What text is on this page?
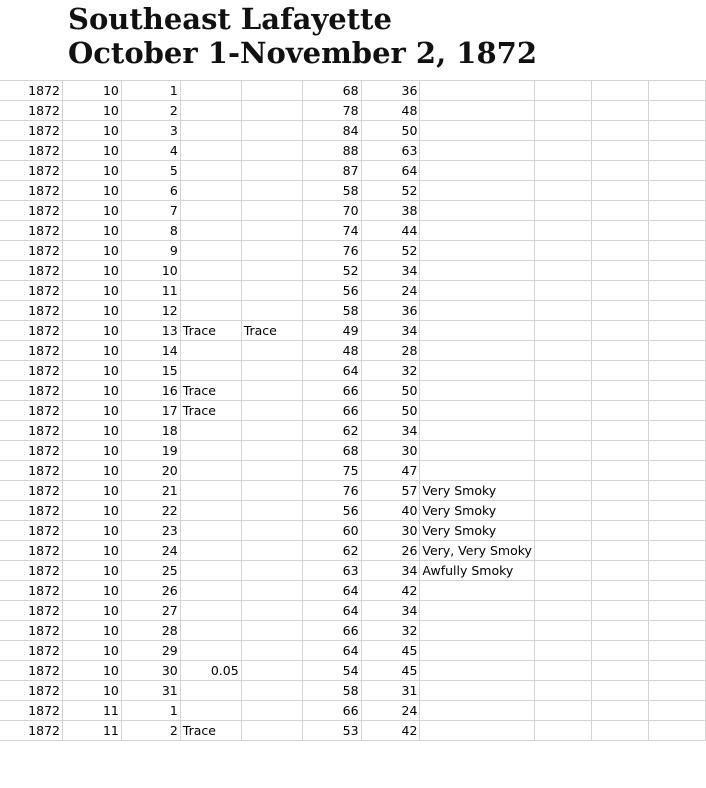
Southeast Lafayette
October 1-November 2, 1872
1872	10	1			68	36				
1872	10	2			78	48				
1872	10	3			84	50				
1872	10	4			88	63				
1872	10	5			87	64				
1872	10	6			58	52				
1872	10	7			70	38				
1872	10	8			74	44				
1872	10	9			76	52				
1872	10	10			52	34				
1872	10	11			56	24				
1872	10	12			58	36				
1872	10	13	Trace	Trace	49	34				
1872	10	14			48	28				
1872	10	15			64	32				
1872	10	16	Trace		66	50				
1872	10	17	Trace		66	50				
1872	10	18			62	34				
1872	10	19			68	30				
1872	10	20			75	47				
1872	10	21			76	57	Very Smoky			
1872	10	22			56	40	Very Smoky			
1872	10	23			60	30	Very Smoky			
1872	10	24			62	26	Very, Very Smoky			
1872	10	25			63	34	Awfully Smoky			
1872	10	26			64	42				
1872	10	27			64	34				
1872	10	28			66	32				
1872	10	29			64	45				
1872	10	30	0.05		54	45				
1872	10	31			58	31				
1872	11	1			66	24				
1872	11	2	Trace		53	42				
